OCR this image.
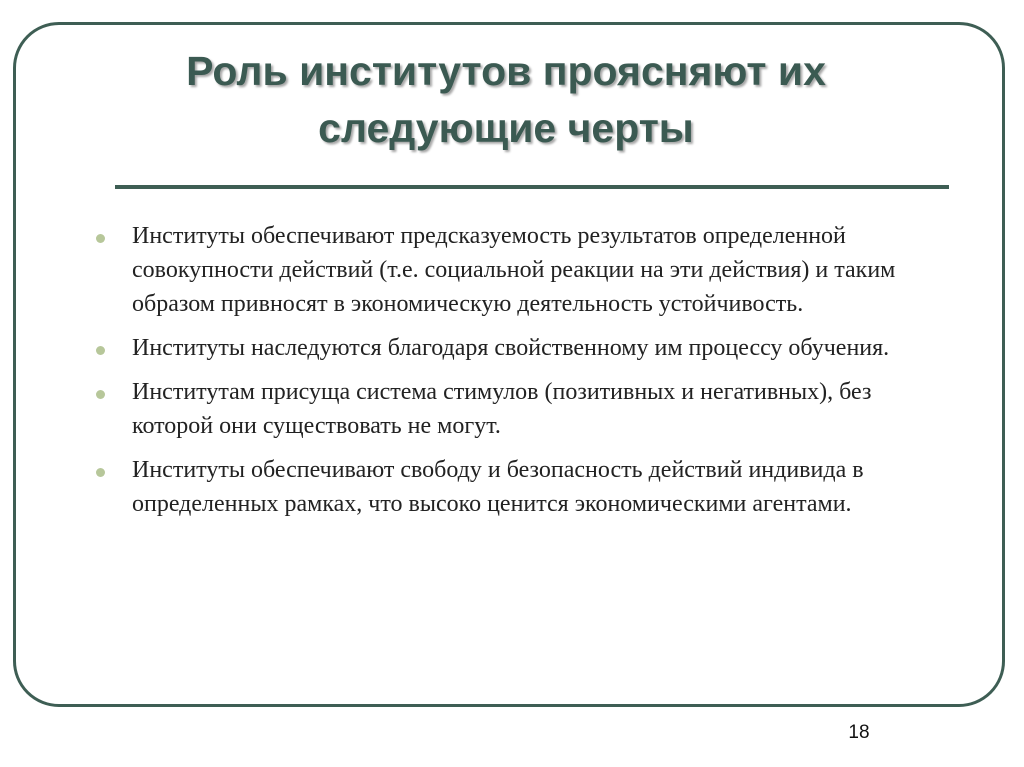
Роль институтов проясняют их
следующие черты
Институты обеспечивают предсказуемость результатов определенной совокупности действий (т.е. социальной реакции на эти действия) и таким образом привносят в экономическую деятельность устойчивость.
Институты наследуются благодаря свойственному им процессу обучения.
Институтам присуща система стимулов (позитивных и негативных), без которой они существовать не могут.
Институты обеспечивают свободу и безопасность действий индивида в определенных рамках, что высоко ценится экономическими агентами.
18
